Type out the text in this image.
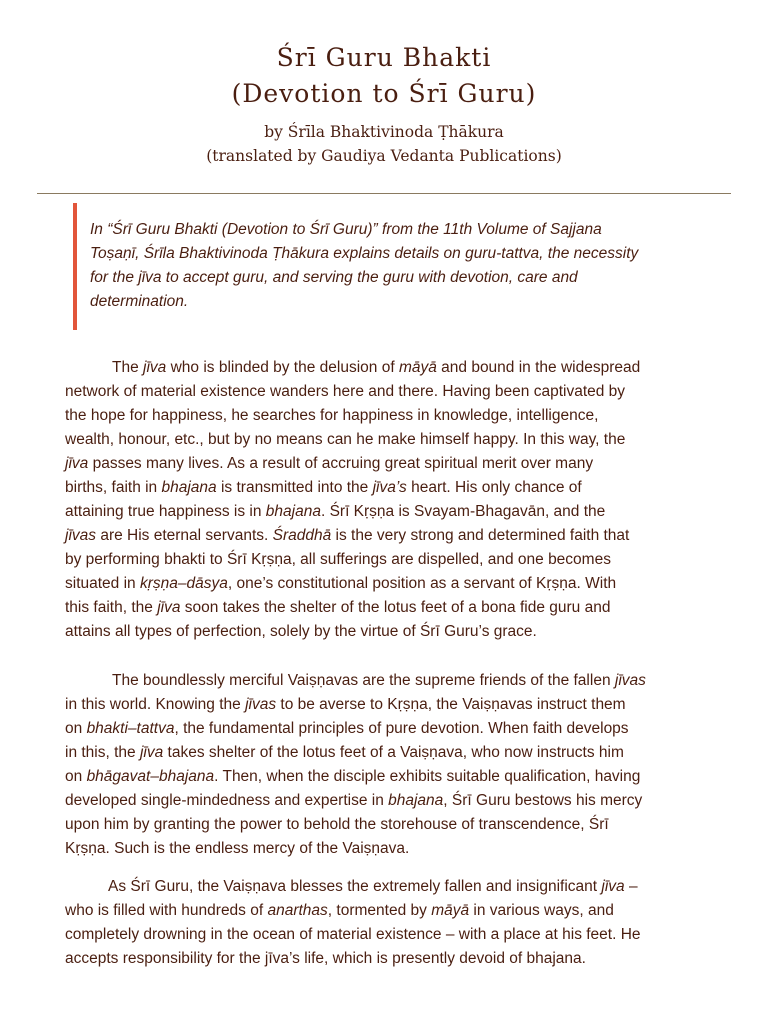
Śrī Guru Bhakti
(Devotion to Śrī Guru)
by Śrīla Bhaktivinoda Ṭhākura
(translated by Gaudiya Vedanta Publications)
In “Śrī Guru Bhakti (Devotion to Śrī Guru)” from the 11th Volume of Sajjana
Toṣaṇī, Śrīla Bhaktivinoda Ṭhākura explains details on guru-tattva, the necessity
for the jīva to accept guru, and serving the guru with devotion, care and
determination.
The jīva who is blinded by the delusion of māyā and bound in the widespread
network of material existence wanders here and there. Having been captivated by
the hope for happiness, he searches for happiness in knowledge, intelligence,
wealth, honour, etc., but by no means can he make himself happy. In this way, the
jīva passes many lives. As a result of accruing great spiritual merit over many
births, faith in bhajana is transmitted into the jīva’s heart. His only chance of
attaining true happiness is in bhajana. Śrī Kṛṣṇa is Svayam-Bhagavān, and the
jīvas are His eternal servants. Śraddhā is the very strong and determined faith that
by performing bhakti to Śrī Kṛṣṇa, all sufferings are dispelled, and one becomes
situated in kṛṣṇa–dāsya, one’s constitutional position as a servant of Kṛṣṇa. With
this faith, the jīva soon takes the shelter of the lotus feet of a bona fide guru and
attains all types of perfection, solely by the virtue of Śrī Guru’s grace.
The boundlessly merciful Vaiṣṇavas are the supreme friends of the fallen jīvas
in this world. Knowing the jīvas to be averse to Kṛṣṇa, the Vaiṣṇavas instruct them
on bhakti–tattva, the fundamental principles of pure devotion. When faith develops
in this, the jīva takes shelter of the lotus feet of a Vaiṣṇava, who now instructs him
on bhāgavat–bhajana. Then, when the disciple exhibits suitable qualification, having
developed single-mindedness and expertise in bhajana, Śrī Guru bestows his mercy
upon him by granting the power to behold the storehouse of transcendence, Śrī
Kṛṣṇa. Such is the endless mercy of the Vaiṣṇava.
As Śrī Guru, the Vaiṣṇava blesses the extremely fallen and insignificant jīva –
who is filled with hundreds of anarthas, tormented by māyā in various ways, and
completely drowning in the ocean of material existence – with a place at his feet. He
accepts responsibility for the jīva’s life, which is presently devoid of bhajana.
